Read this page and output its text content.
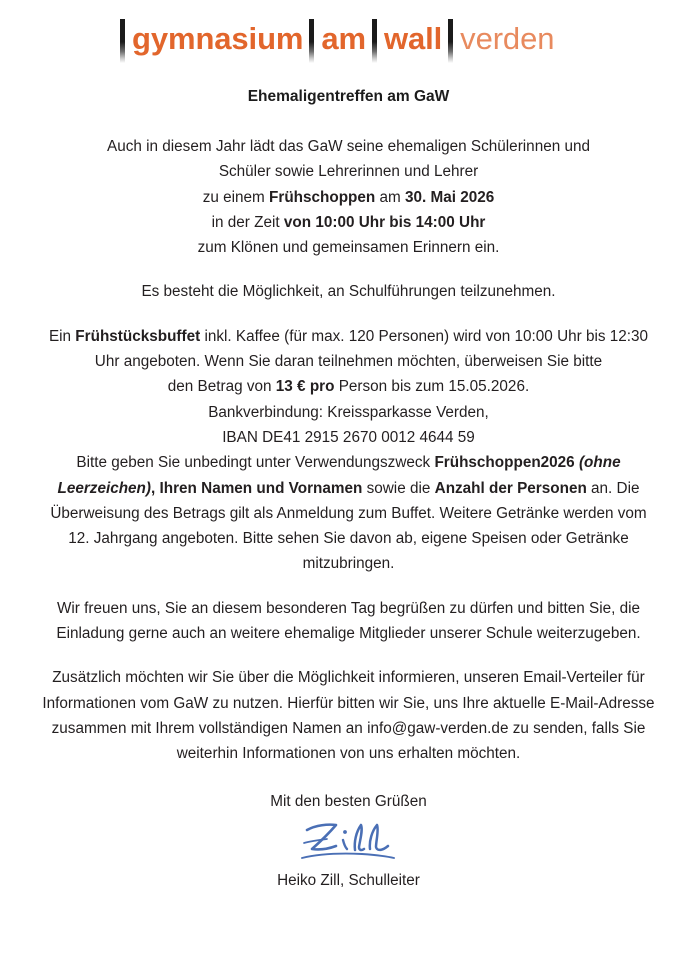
gymnasium am wall verden
Ehemaligentreffen am GaW

Auch in diesem Jahr lädt das GaW seine ehemaligen Schülerinnen und
Schüler sowie Lehrerinnen und Lehrer
zu einem Frühschoppen am 30. Mai 2026
in der Zeit von 10:00 Uhr bis 14:00 Uhr
zum Klönen und gemeinsamen Erinnern ein.

Es besteht die Möglichkeit, an Schulführungen teilzunehmen.

Ein Frühstücksbuffet inkl. Kaffee (für max. 120 Personen) wird von 10:00 Uhr bis 12:30 Uhr angeboten. Wenn Sie daran teilnehmen möchten, überweisen Sie bitte

den Betrag von 13 € pro Person bis zum 15.05.2026.

Bankverbindung: Kreissparkasse Verden,

IBAN DE41 2915 2670 0012 4644 59

Bitte geben Sie unbedingt unter Verwendungszweck Frühschoppen2026 (ohne Leerzeichen), Ihren Namen und Vornamen sowie die Anzahl der Personen an. Die Überweisung des Betrags gilt als Anmeldung zum Buffet. Weitere Getränke werden vom 12. Jahrgang angeboten. Bitte sehen Sie davon ab, eigene Speisen oder Getränke mitzubringen.

Wir freuen uns, Sie an diesem besonderen Tag begrüßen zu dürfen und bitten Sie, die Einladung gerne auch an weitere ehemalige Mitglieder unserer Schule weiterzugeben.

Zusätzlich möchten wir Sie über die Möglichkeit informieren, unseren Email-Verteiler für Informationen vom GaW zu nutzen. Hierfür bitten wir Sie, uns Ihre aktuelle E-Mail-Adresse zusammen mit Ihrem vollständigen Namen an info@gaw-verden.de zu senden, falls Sie weiterhin Informationen von uns erhalten möchten.

Mit den besten Grüßen
Heiko Zill, Schulleiter
